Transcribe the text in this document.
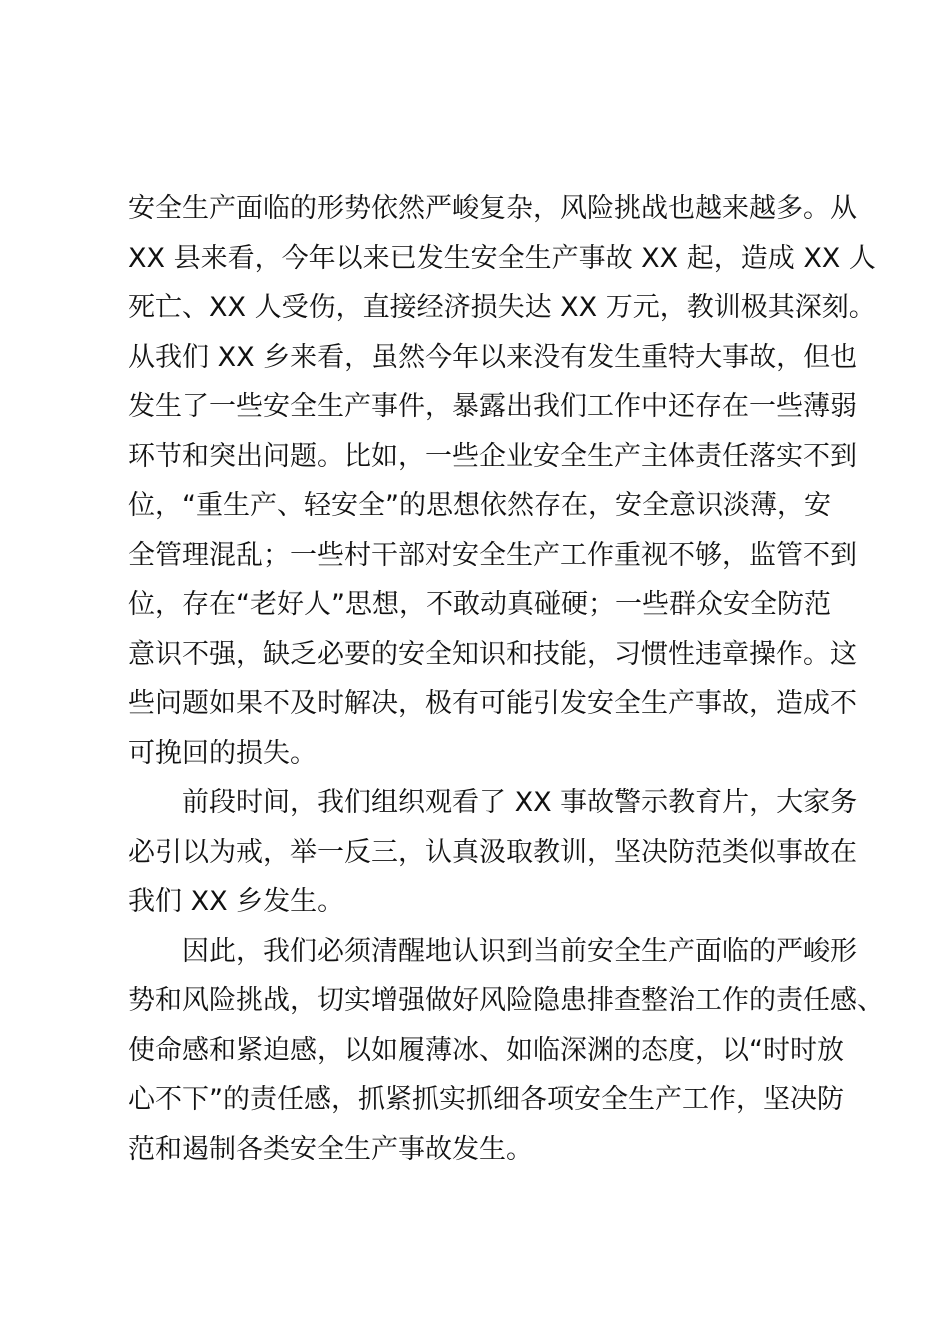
安全生产面临的形势依然严峻复杂，风险挑战也越来越多。从
XX 县来看，今年以来已发生安全生产事故 XX 起，造成 XX 人
死亡、XX 人受伤，直接经济损失达 XX 万元，教训极其深刻。
从我们 XX 乡来看，虽然今年以来没有发生重特大事故，但也
发生了一些安全生产事件，暴露出我们工作中还存在一些薄弱
环节和突出问题。比如，一些企业安全生产主体责任落实不到
位，“重生产、轻安全”的思想依然存在，安全意识淡薄，安
全管理混乱；一些村干部对安全生产工作重视不够，监管不到
位，存在“老好人”思想，不敢动真碰硬；一些群众安全防范
意识不强，缺乏必要的安全知识和技能，习惯性违章操作。这
些问题如果不及时解决，极有可能引发安全生产事故，造成不
可挽回的损失。
前段时间，我们组织观看了 XX 事故警示教育片，大家务
必引以为戒，举一反三，认真汲取教训，坚决防范类似事故在
我们 XX 乡发生。
因此，我们必须清醒地认识到当前安全生产面临的严峻形
势和风险挑战，切实增强做好风险隐患排查整治工作的责任感、
使命感和紧迫感，以如履薄冰、如临深渊的态度，以“时时放
心不下”的责任感，抓紧抓实抓细各项安全生产工作，坚决防
范和遏制各类安全生产事故发生。
